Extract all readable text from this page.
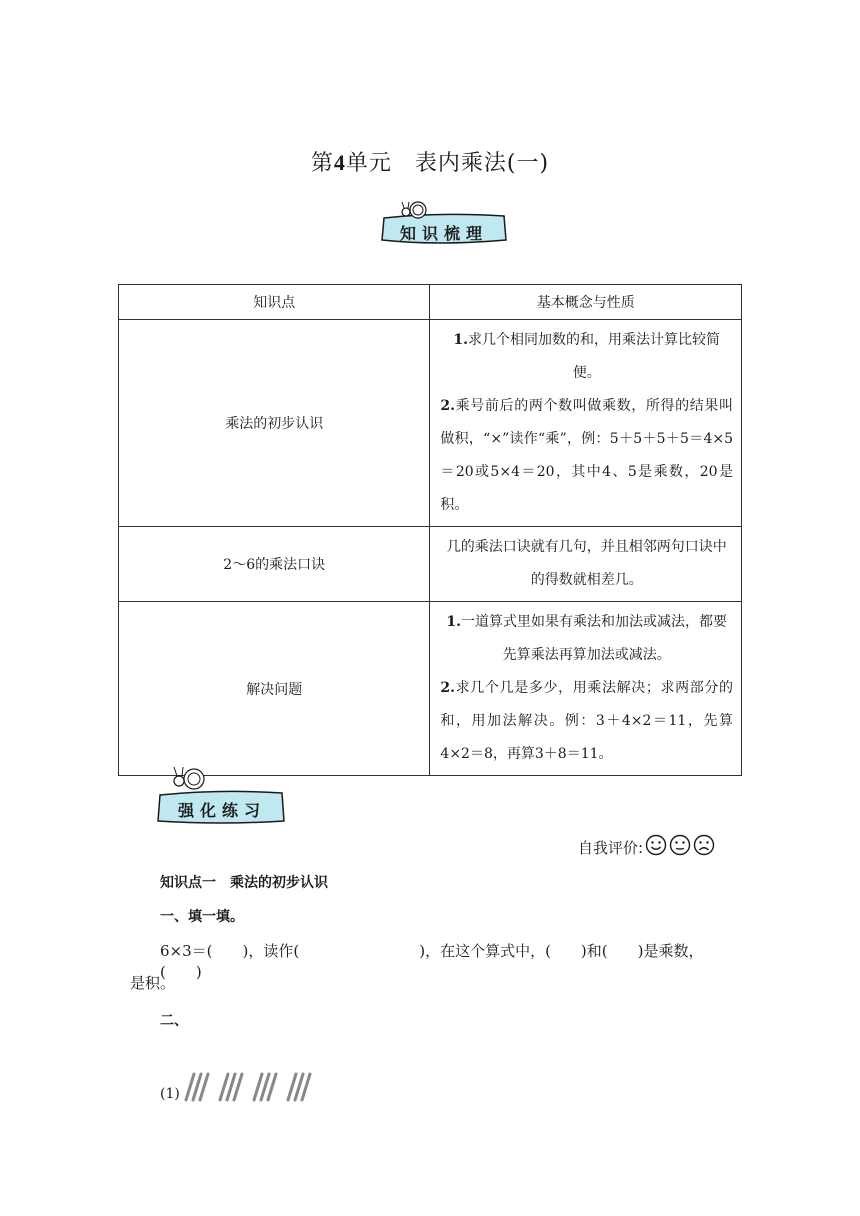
第4单元　表内乘法(一)
知识梳理
知识点	基本概念与性质
乘法的初步认识	1.求几个相同加数的和，用乘法计算比较简便。

2.乘号前后的两个数叫做乘数，所得的结果叫做积，“×”读作“乘”，例：5＋5＋5＋5＝4×5＝20或5×4＝20，其中4、5是乘数，20是积。

2～6的乘法口诀	几的乘法口诀就有几句，并且相邻两句口诀中的得数就相差几。

解决问题	1.一道算式里如果有乘法和加法或减法，都要先算乘法再算加法或减法。

2.求几个几是多少，用乘法解决；求两部分的和，用加法解决。例：3＋4×2＝11，先算4×2＝8，再算3＋8＝11。
强化练习
自我评价:
知识点一　乘法的初步认识
一、填一填。
6×3＝(　　)，读作(　　　　　　　　)，在这个算式中，(　　)和(　　)是乘数，(　　)
是积。
二、
(1)
